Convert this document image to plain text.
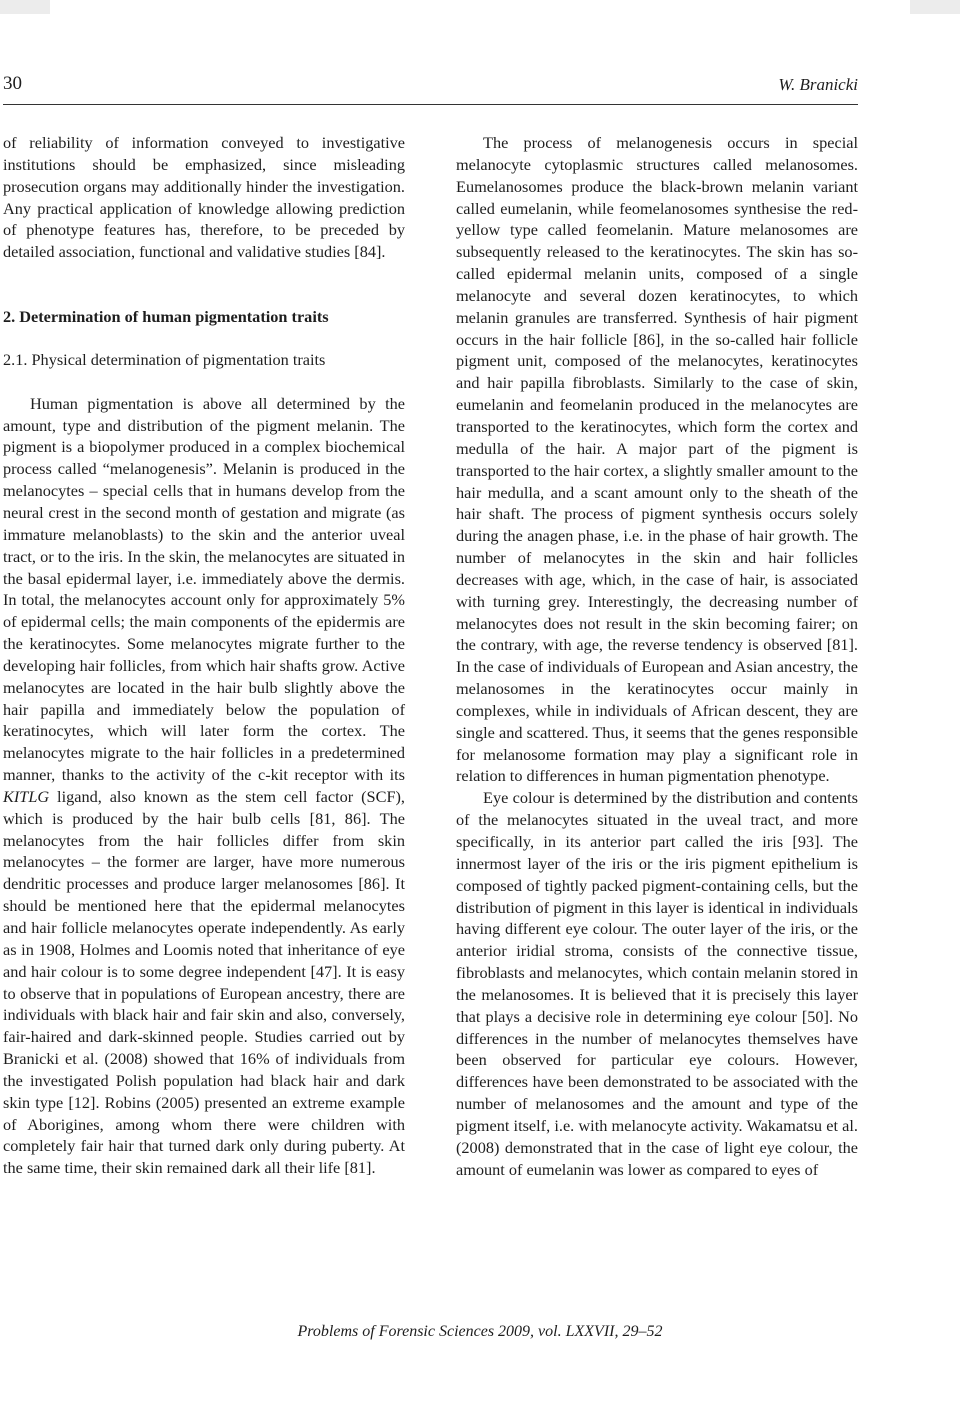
30	W. Branicki

of reliability of information conveyed to investigative institutions should be emphasized, since misleading prosecution organs may additionally hinder the investigation. Any practical application of knowledge allowing prediction of phenotype features has, therefore, to be preceded by detailed association, functional and validative studies [84].

2. Determination of human pigmentation traits
2.1. Physical determination of pigmentation traits

Human pigmentation is above all determined by the amount, type and distribution of the pigment melanin. The pigment is a biopolymer produced in a complex biochemical process called “melanogenesis”. Melanin is produced in the melanocytes – special cells that in humans develop from the neural crest in the second month of gestation and migrate (as immature melanoblasts) to the skin and the anterior uveal tract, or to the iris. In the skin, the melanocytes are situated in the basal epidermal layer, i.e. immediately above the dermis. In total, the melanocytes account only for approximately 5% of epidermal cells; the main components of the epidermis are the keratinocytes. Some melanocytes migrate further to the developing hair follicles, from which hair shafts grow. Active melanocytes are located in the hair bulb slightly above the hair papilla and immediately below the population of keratinocytes, which will later form the cortex. The melanocytes migrate to the hair follicles in a predetermined manner, thanks to the activity of the c-kit receptor with its KITLG ligand, also known as the stem cell factor (SCF), which is produced by the hair bulb cells [81, 86]. The melanocytes from the hair follicles differ from skin melanocytes – the former are larger, have more numerous dendritic processes and produce larger melanosomes [86]. It should be mentioned here that the epidermal melanocytes and hair follicle melanocytes operate independently. As early as in 1908, Holmes and Loomis noted that inheritance of eye and hair colour is to some degree independent [47]. It is easy to observe that in populations of European ancestry, there are individuals with black hair and fair skin and also, conversely, fair-haired and dark-skinned people. Studies carried out by Branicki et al. (2008) showed that 16% of individuals from the investigated Polish population had black hair and dark skin type [12]. Robins (2005) presented an extreme example of Aborigines, among whom there were children with completely fair hair that turned dark only during puberty. At the same time, their skin remained dark all their life [81].

The process of melanogenesis occurs in special melanocyte cytoplasmic structures called melanosomes. Eumelanosomes produce the black-brown melanin variant called eumelanin, while feomelanosomes synthesise the red-yellow type called feomelanin. Mature melanosomes are subsequently released to the keratinocytes. The skin has so-called epidermal melanin units, composed of a single melanocyte and several dozen keratinocytes, to which melanin granules are transferred. Synthesis of hair pigment occurs in the hair follicle [86], in the so-called hair follicle pigment unit, composed of the melanocytes, keratinocytes and hair papilla fibroblasts. Similarly to the case of skin, eumelanin and feomelanin produced in the melanocytes are transported to the keratinocytes, which form the cortex and medulla of the hair. A major part of the pigment is transported to the hair cortex, a slightly smaller amount to the hair medulla, and a scant amount only to the sheath of the hair shaft. The process of pigment synthesis occurs solely during the anagen phase, i.e. in the phase of hair growth. The number of melanocytes in the skin and hair follicles decreases with age, which, in the case of hair, is associated with turning grey. Interestingly, the decreasing number of melanocytes does not result in the skin becoming fairer; on the contrary, with age, the reverse tendency is observed [81]. In the case of individuals of European and Asian ancestry, the melanosomes in the keratinocytes occur mainly in complexes, while in individuals of African descent, they are single and scattered. Thus, it seems that the genes responsible for melanosome formation may play a significant role in relation to differences in human pigmentation phenotype.

Eye colour is determined by the distribution and contents of the melanocytes situated in the uveal tract, and more specifically, in its anterior part called the iris [93]. The innermost layer of the iris or the iris pigment epithelium is composed of tightly packed pigment-containing cells, but the distribution of pigment in this layer is identical in individuals having different eye colour. The outer layer of the iris, or the anterior iridial stroma, consists of the connective tissue, fibroblasts and melanocytes, which contain melanin stored in the melanosomes. It is believed that it is precisely this layer that plays a decisive role in determining eye colour [50]. No differences in the number of melanocytes themselves have been observed for particular eye colours. However, differences have been demonstrated to be associated with the number of melanosomes and the amount and type of the pigment itself, i.e. with melanocyte activity. Wakamatsu et al. (2008) demonstrated that in the case of light eye colour, the amount of eumelanin was lower as compared to eyes of

Problems of Forensic Sciences 2009, vol. LXXVII, 29–52
